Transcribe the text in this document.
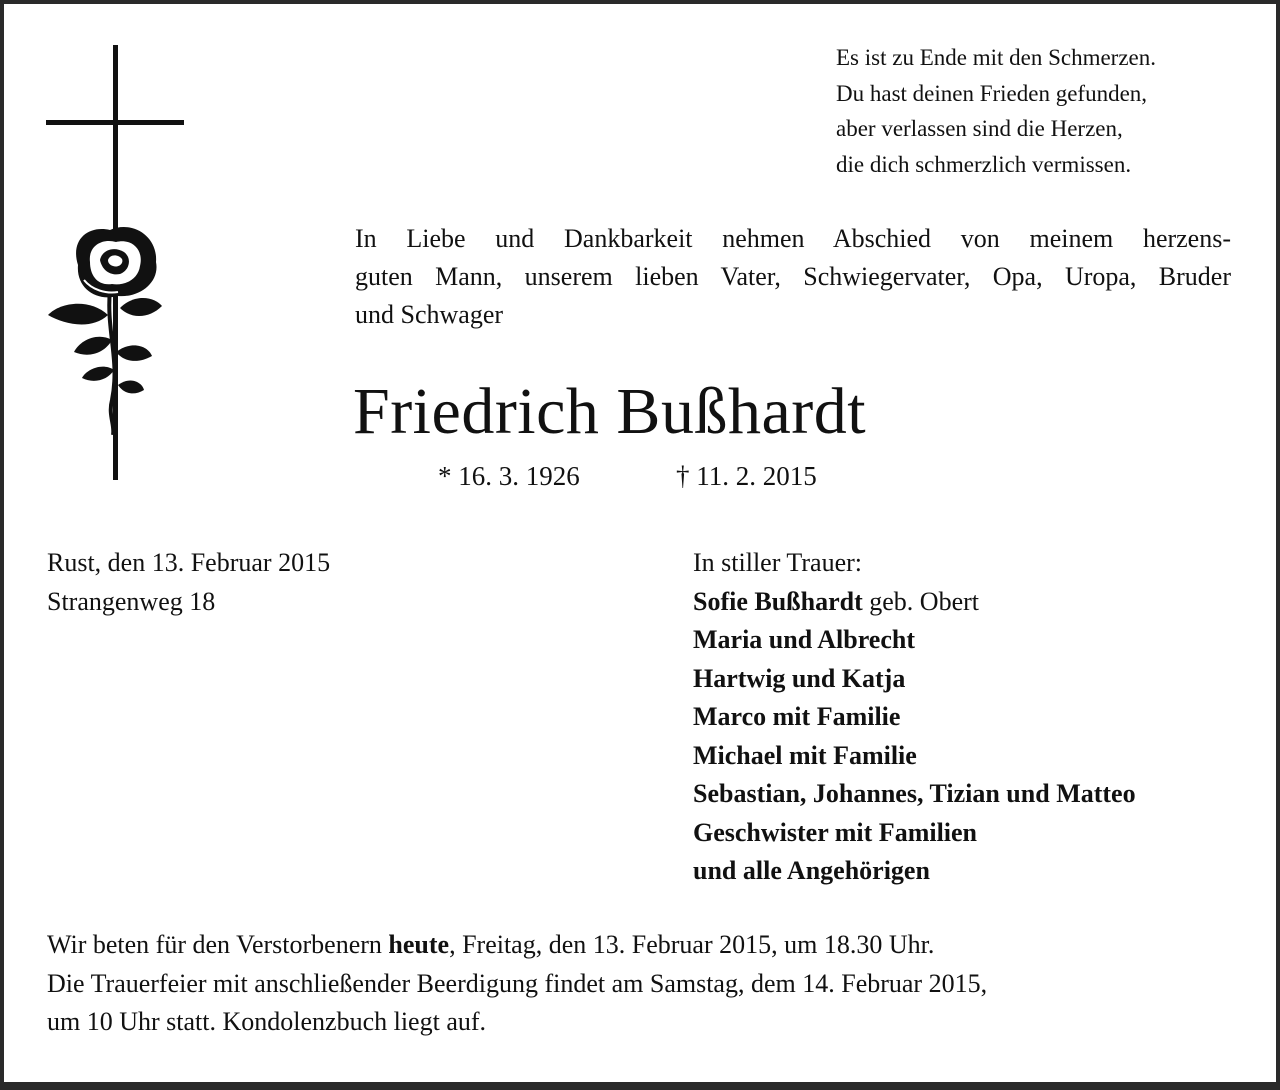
Es ist zu Ende mit den Schmerzen.
Du hast deinen Frieden gefunden,
aber verlassen sind die Herzen,
die dich schmerzlich vermissen.
In Liebe und Dankbarkeit nehmen Abschied von meinem herzens-
guten Mann, unserem lieben Vater, Schwiegervater, Opa, Uropa, Bruder
und Schwager
Friedrich Bußhardt
* 16. 3. 1926	† 11. 2. 2015
Rust, den 13. Februar 2015
Strangenweg 18
In stiller Trauer:
Sofie Bußhardt geb. Obert
Maria und Albrecht
Hartwig und Katja
Marco mit Familie
Michael mit Familie
Sebastian, Johannes, Tizian und Matteo
Geschwister mit Familien
und alle Angehörigen
Wir beten für den Verstorbenern heute, Freitag, den 13. Februar 2015, um 18.30 Uhr.
Die Trauerfeier mit anschließender Beerdigung findet am Samstag, dem 14. Februar 2015,
um 10 Uhr statt. Kondolenzbuch liegt auf.
